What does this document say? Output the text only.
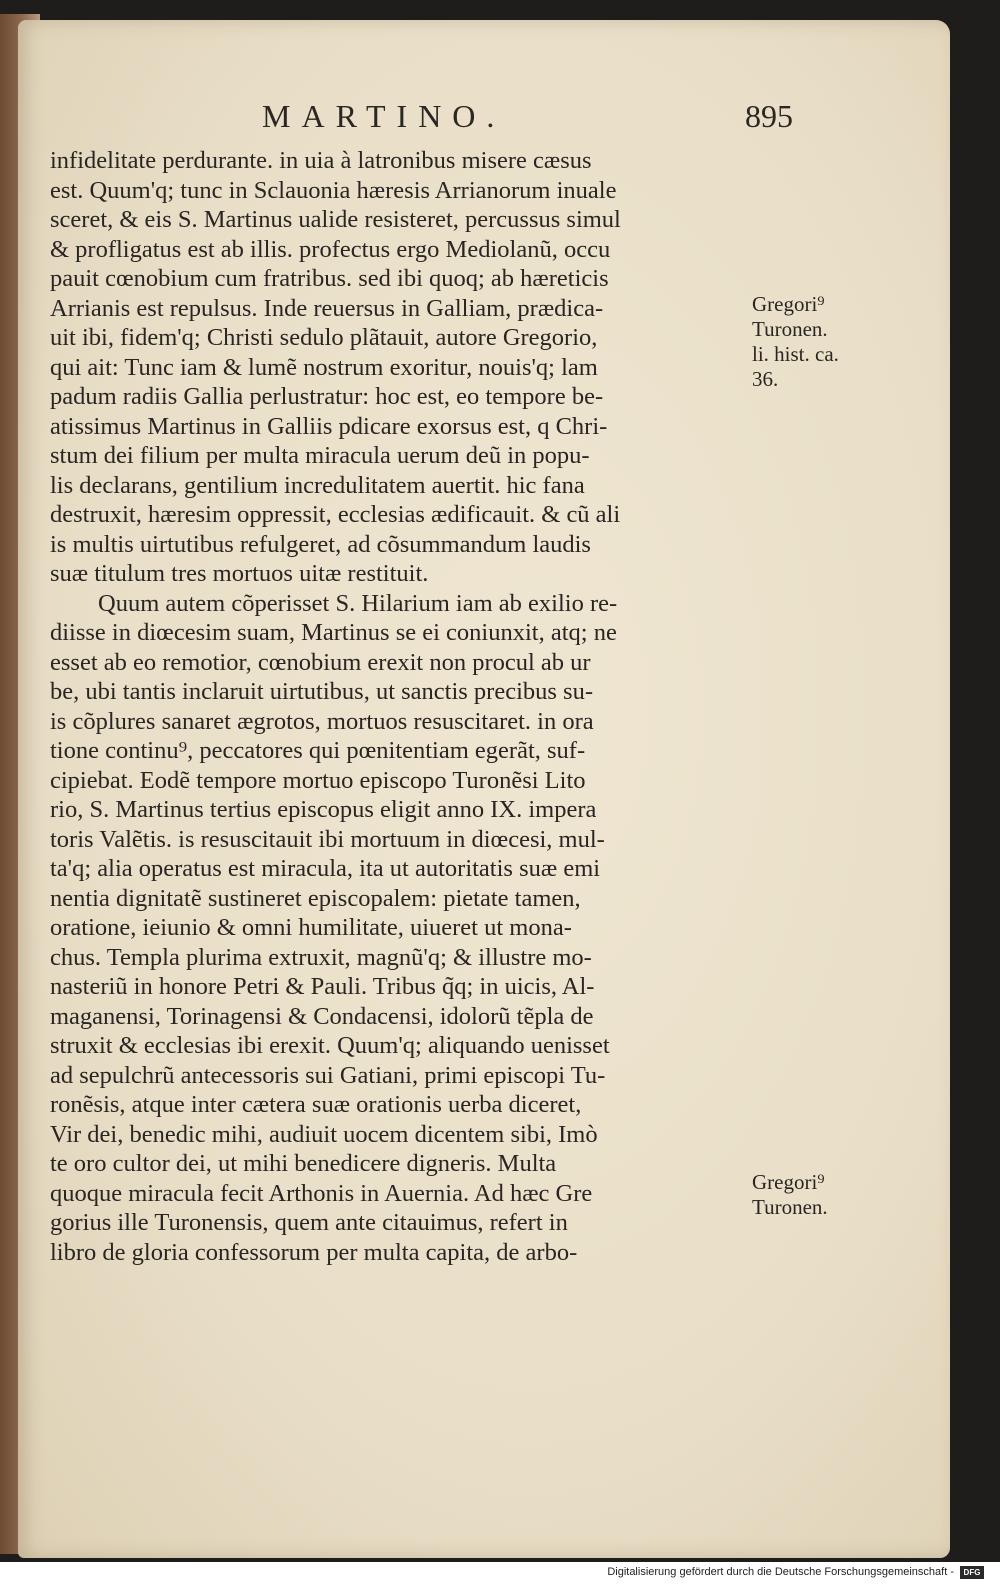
MARTINO.	895
infidelitate perdurante. in uia à latronibus misere cæsus
est. Quum'q; tunc in Sclauonia hæresis Arrianorum inuale
sceret, & eis S. Martinus ualide resisteret, percussus simul
& profligatus est ab illis. profectus ergo Mediolanũ, occu
pauit cœnobium cum fratribus. sed ibi quoq; ab hæreticis
Arrianis est repulsus. Inde reuersus in Galliam, prædica-
uit ibi, fidem'q; Christi sedulo plãtauit, autore Gregorio,
qui ait: Tunc iam & lumẽ nostrum exoritur, nouis'q; lam
padum radiis Gallia perlustratur: hoc est, eo tempore be-
atissimus Martinus in Galliis pdicare exorsus est, q Chri-
stum dei filium per multa miracula uerum deũ in popu-
lis declarans, gentilium incredulitatem auertit. hic fana
destruxit, hæresim oppressit, ecclesias ædificauit. & cũ ali
is multis uirtutibus refulgeret, ad cõsummandum laudis
suæ titulum tres mortuos uitæ restituit.
Quum autem cõperisset S. Hilarium iam ab exilio re-
diisse in diœcesim suam, Martinus se ei coniunxit, atq; ne
esset ab eo remotior, cœnobium erexit non procul ab ur
be, ubi tantis inclaruit uirtutibus, ut sanctis precibus su-
is cõplures sanaret ægrotos, mortuos resuscitaret. in ora
tione continu⁹, peccatores qui pœnitentiam egerãt, suf-
cipiebat. Eodẽ tempore mortuo episcopo Turonẽsi Lito
rio, S. Martinus tertius episcopus eligit anno IX. impera
toris Valẽtis. is resuscitauit ibi mortuum in diœcesi, mul-
ta'q; alia operatus est miracula, ita ut autoritatis suæ emi
nentia dignitatẽ sustineret episcopalem: pietate tamen,
oratione, ieiunio & omni humilitate, uiueret ut mona-
chus. Templa plurima extruxit, magnũ'q; & illustre mo-
nasteriũ in honore Petri & Pauli. Tribus q̃q; in uicis, Al-
maganensi, Torinagensi & Condacensi, idolorũ tẽpla de
struxit & ecclesias ibi erexit. Quum'q; aliquando uenisset
ad sepulchrũ antecessoris sui Gatiani, primi episcopi Tu-
ronẽsis, atque inter cætera suæ orationis uerba diceret,
Vir dei, benedic mihi, audiuit uocem dicentem sibi, Imò
te oro cultor dei, ut mihi benedicere digneris. Multa
quoque miracula fecit Arthonis in Auernia. Ad hæc Gre
gorius ille Turonensis, quem ante citauimus, refert in
libro de gloria confessorum per multa capita, de arbo-
Gregori⁹
Turonen.
li. hist. ca.
36.
Gregori⁹
Turonen.
Digitalisierung gefördert durch die Deutsche Forschungsgemeinschaft -	DFG
